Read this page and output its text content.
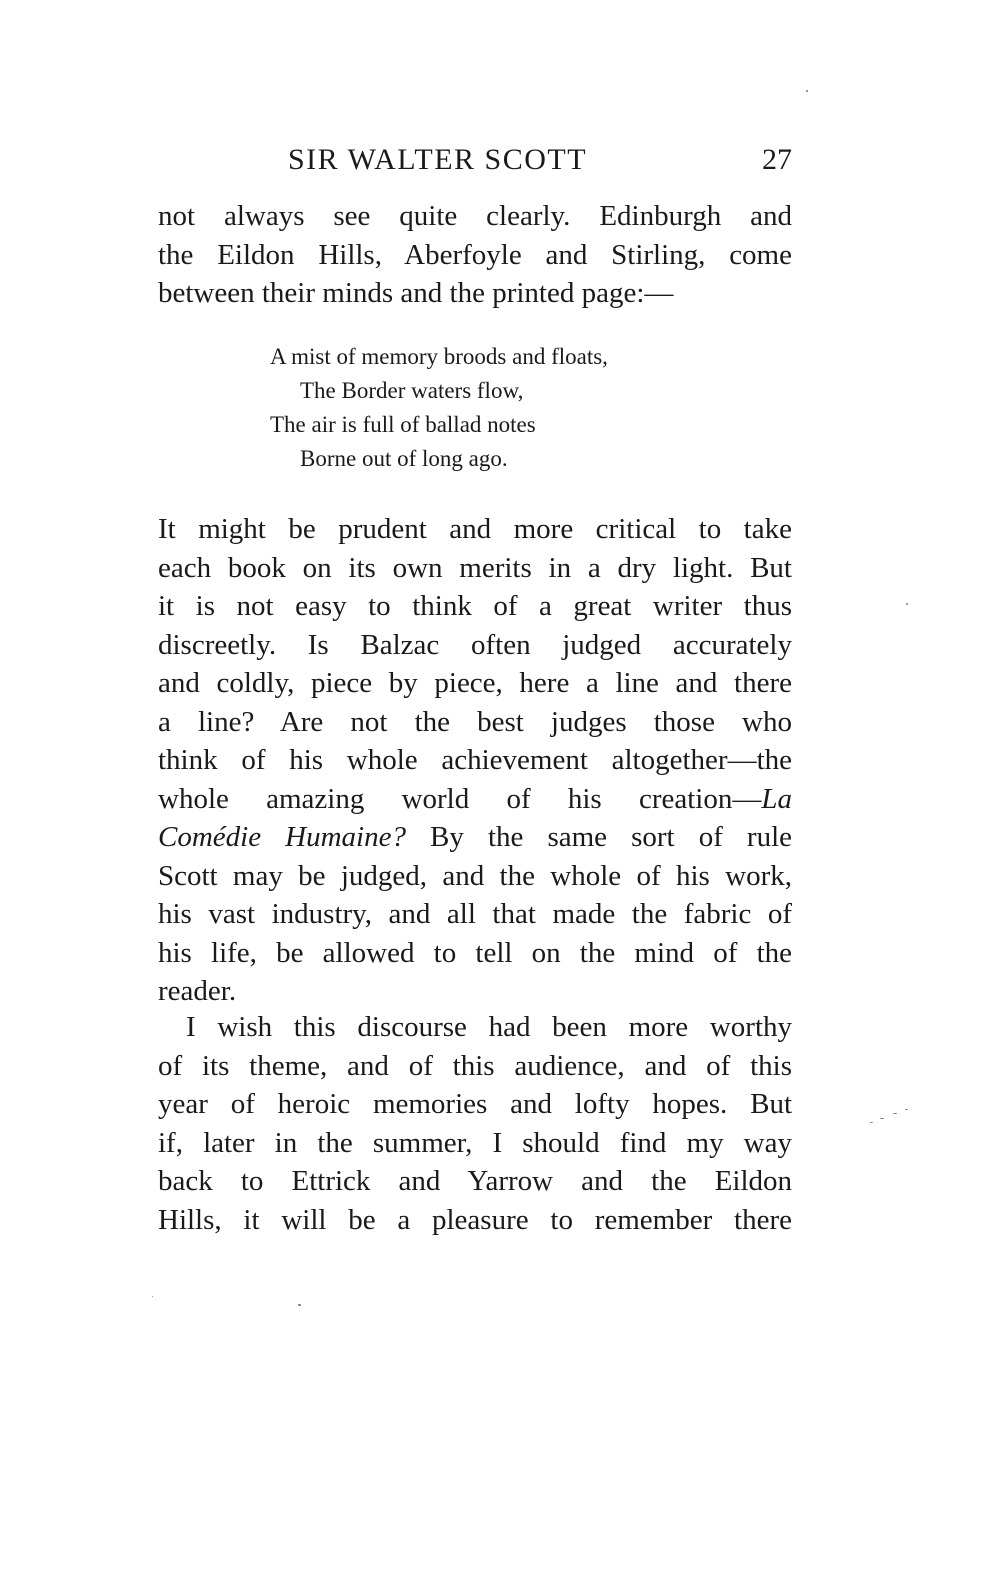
SIR WALTER SCOTT	27
not always see quite clearly. Edinburgh and
the Eildon Hills, Aberfoyle and Stirling, come
between their minds and the printed page:—
A mist of memory broods and floats,
The Border waters flow,
The air is full of ballad notes
Borne out of long ago.
It might be prudent and more critical to take
each book on its own merits in a dry light. But
it is not easy to think of a great writer thus
discreetly. Is Balzac often judged accurately
and coldly, piece by piece, here a line and there
a line? Are not the best judges those who
think of his whole achievement altogether—the
whole amazing world of his creation—La
Comédie Humaine? By the same sort of rule
Scott may be judged, and the whole of his work,
his vast industry, and all that made the fabric of
his life, be allowed to tell on the mind of the
reader.
I wish this discourse had been more worthy
of its theme, and of this audience, and of this
year of heroic memories and lofty hopes. But
if, later in the summer, I should find my way
back to Ettrick and Yarrow and the Eildon
Hills, it will be a pleasure to remember there
